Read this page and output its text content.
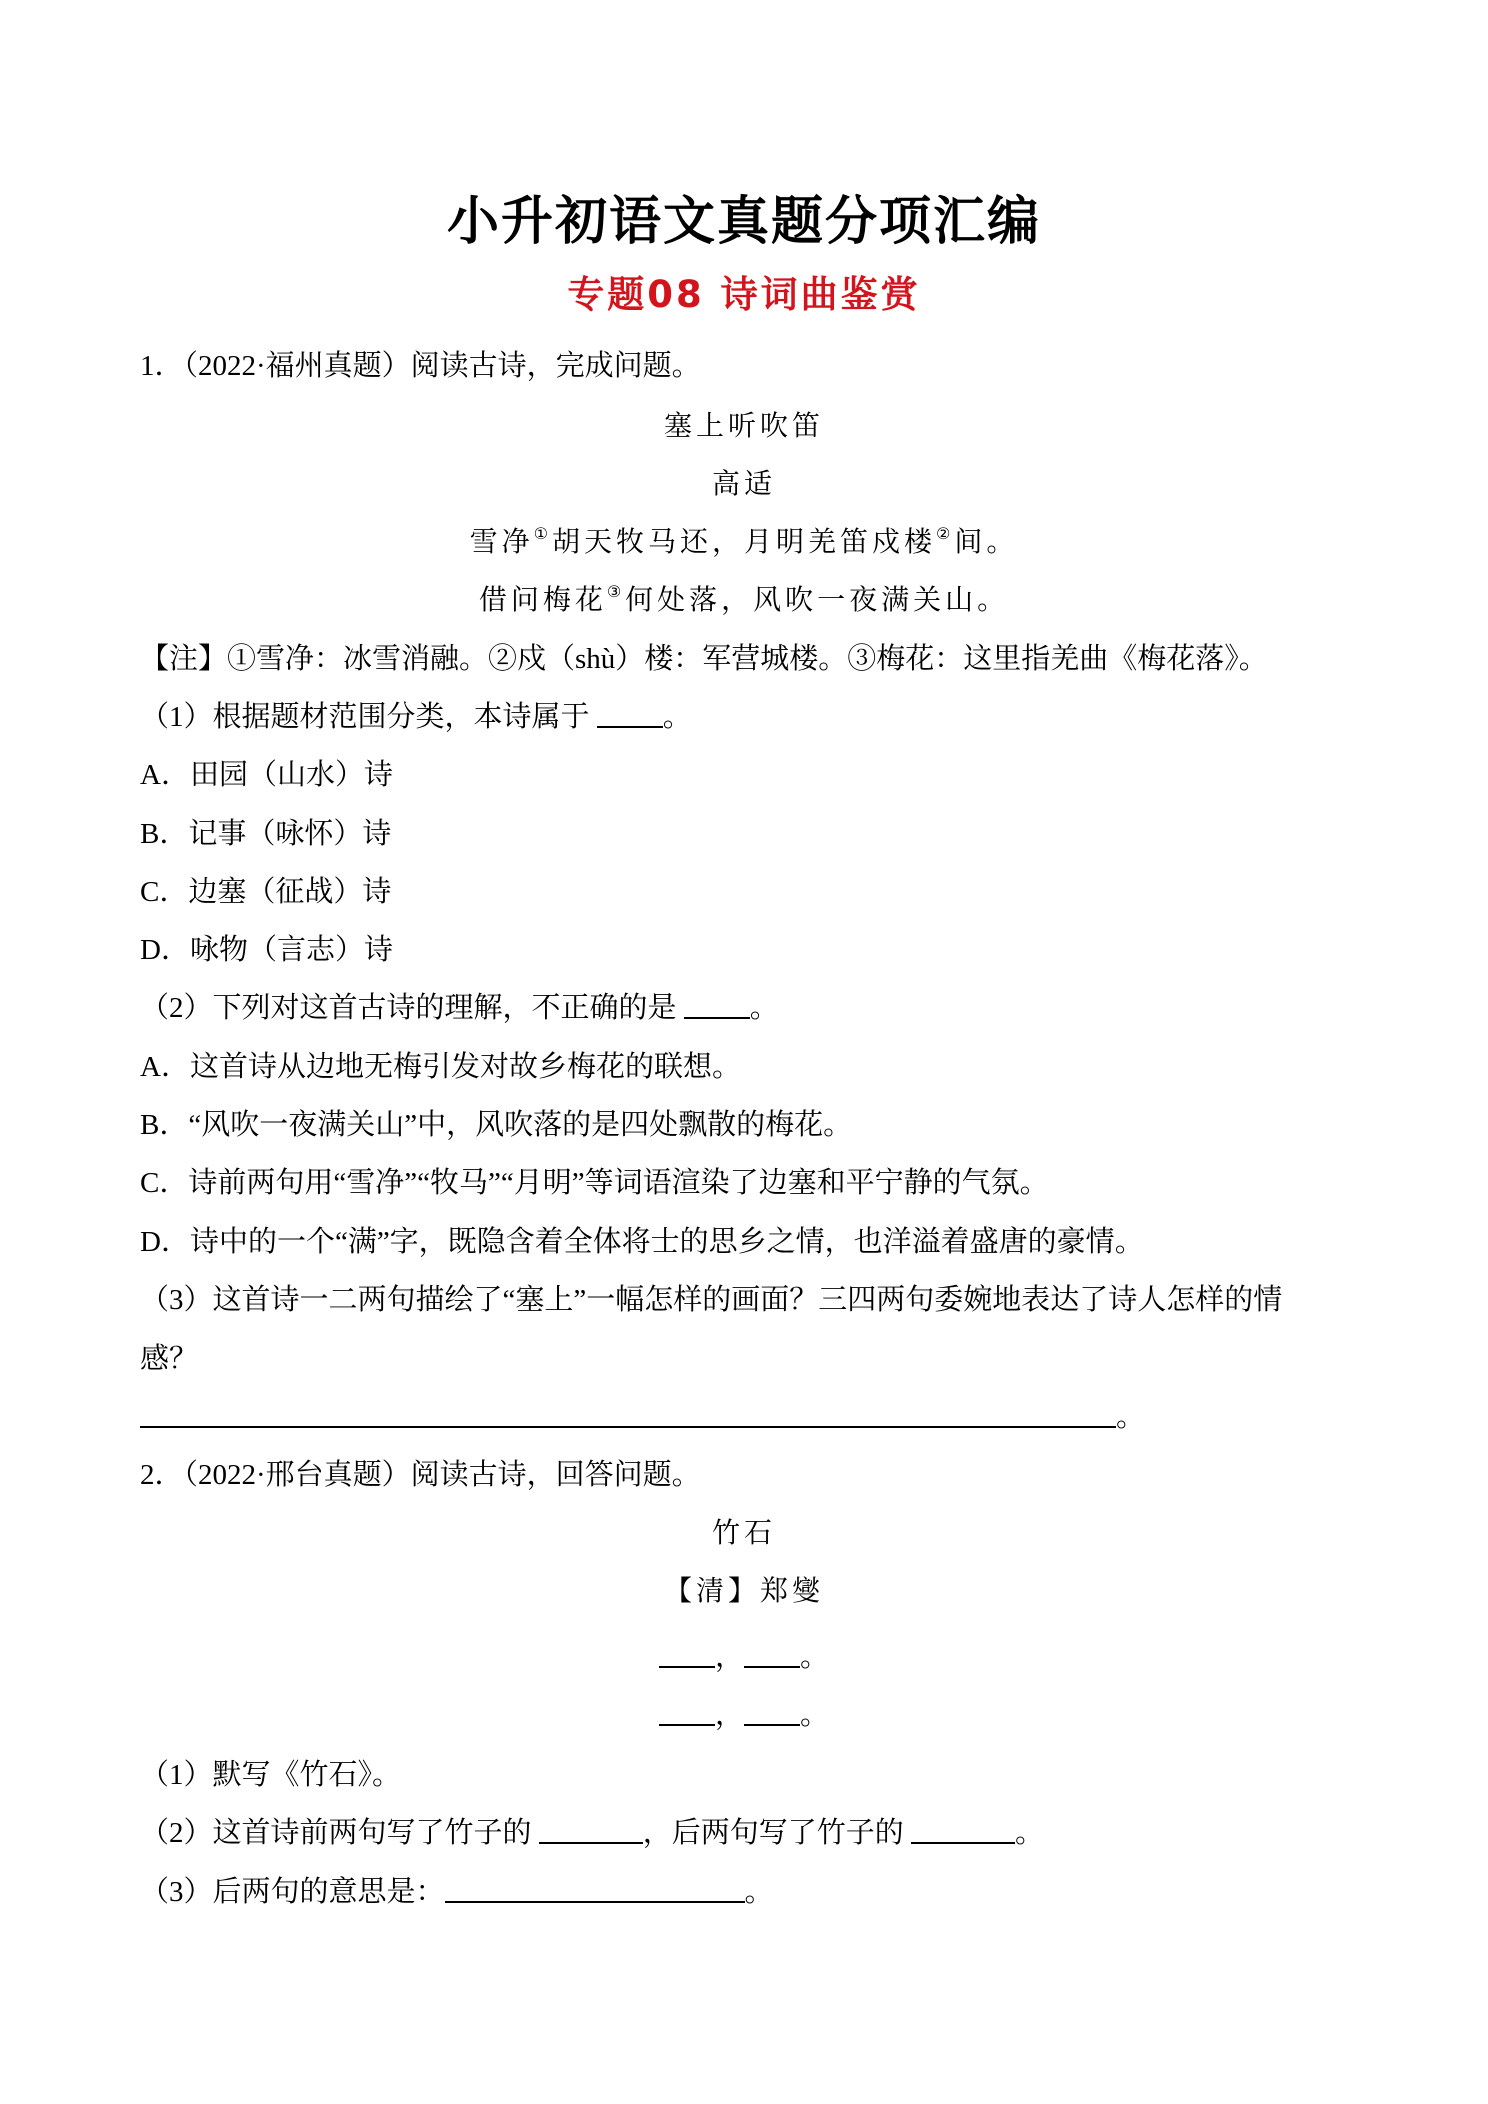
小升初语文真题分项汇编
专题08 诗词曲鉴赏
1．（2022·福州真题）阅读古诗，完成问题。
塞上听吹笛
高适
雪净①胡天牧马还，月明羌笛戍楼②间。
借问梅花③何处落，风吹一夜满关山。
【注】①雪净：冰雪消融。②戍（shù）楼：军营城楼。③梅花：这里指羌曲《梅花落》。
（1）根据题材范围分类，本诗属于 。
A．田园（山水）诗
B．记事（咏怀）诗
C．边塞（征战）诗
D．咏物（言志）诗
（2）下列对这首古诗的理解，不正确的是 。
A．这首诗从边地无梅引发对故乡梅花的联想。
B．“风吹一夜满关山”中，风吹落的是四处飘散的梅花。
C．诗前两句用“雪净”“牧马”“月明”等词语渲染了边塞和平宁静的气氛。
D．诗中的一个“满”字，既隐含着全体将士的思乡之情，也洋溢着盛唐的豪情。
（3）这首诗一二两句描绘了“塞上”一幅怎样的画面？三四两句委婉地表达了诗人怎样的情
感？
。
2．（2022·邢台真题）阅读古诗，回答问题。
竹石
【清】郑燮
， 。
， 。
（1）默写《竹石》。
（2）这首诗前两句写了竹子的	，后两句写了竹子的	。
（3）后两句的意思是：	。
